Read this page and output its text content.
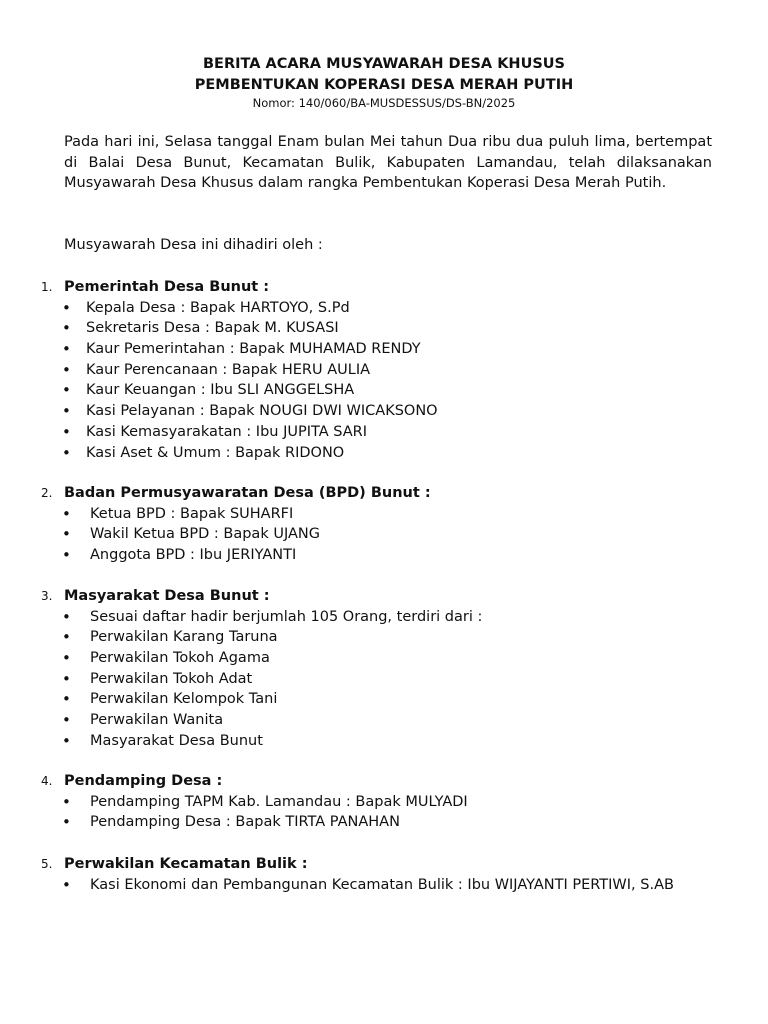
BERITA ACARA MUSYAWARAH DESA KHUSUS
PEMBENTUKAN KOPERASI DESA MERAH PUTIH
Nomor: 140/060/BA-MUSDESSUS/DS-BN/2025

Pada hari ini, Selasa tanggal Enam bulan Mei tahun Dua ribu dua puluh lima, bertempat di Balai Desa Bunut, Kecamatan Bulik, Kabupaten Lamandau, telah dilaksanakan Musyawarah Desa Khusus dalam rangka Pembentukan Koperasi Desa Merah Putih.

Musyawarah Desa ini dihadiri oleh :

1. Pemerintah Desa Bunut :
• Kepala Desa : Bapak HARTOYO, S.Pd
• Sekretaris Desa : Bapak M. KUSASI
• Kaur Pemerintahan : Bapak MUHAMAD RENDY
• Kaur Perencanaan : Bapak HERU AULIA
• Kaur Keuangan : Ibu SLI ANGGELSHA
• Kasi Pelayanan : Bapak NOUGI DWI WICAKSONO
• Kasi Kemasyarakatan : Ibu JUPITA SARI
• Kasi Aset & Umum : Bapak RIDONO
2. Badan Permusyawaratan Desa (BPD) Bunut :
• Ketua BPD : Bapak SUHARFI
• Wakil Ketua BPD : Bapak UJANG
• Anggota BPD : Ibu JERIYANTI
3. Masyarakat Desa Bunut :
• Sesuai daftar hadir berjumlah 105 Orang, terdiri dari :
• Perwakilan Karang Taruna
• Perwakilan Tokoh Agama
• Perwakilan Tokoh Adat
• Perwakilan Kelompok Tani
• Perwakilan Wanita
• Masyarakat Desa Bunut
4. Pendamping Desa :
• Pendamping TAPM Kab. Lamandau : Bapak MULYADI
• Pendamping Desa : Bapak TIRTA PANAHAN
5. Perwakilan Kecamatan Bulik :
• Kasi Ekonomi dan Pembangunan Kecamatan Bulik : Ibu WIJAYANTI PERTIWI, S.AB
